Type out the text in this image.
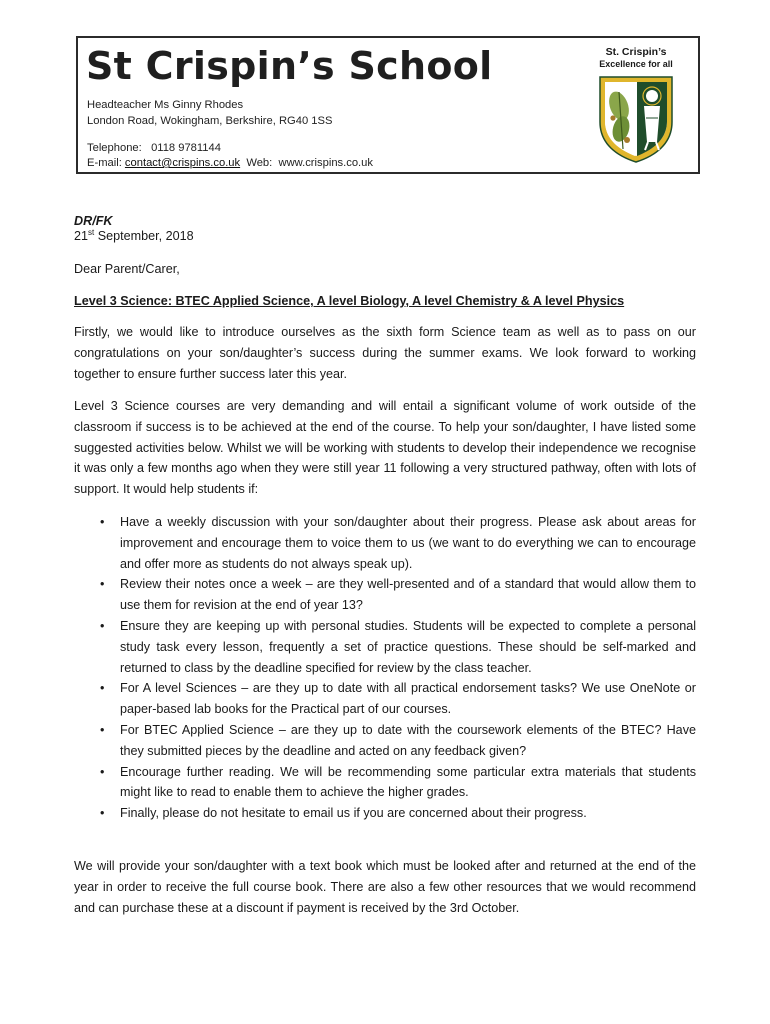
St Crispin’s School
Headteacher Ms Ginny Rhodes
London Road, Wokingham, Berkshire, RG40 1SS
Telephone: 0118 9781144
E-mail: contact@crispins.co.uk Web: www.crispins.co.uk
St. Crispin’s
Excellence for all
DR/FK
21st September, 2018
Dear Parent/Carer,
Level 3 Science: BTEC Applied Science, A level Biology, A level Chemistry & A level Physics
Firstly, we would like to introduce ourselves as the sixth form Science team as well as to pass on our congratulations on your son/daughter’s success during the summer exams. We look forward to working together to ensure further success later this year.
Level 3 Science courses are very demanding and will entail a significant volume of work outside of the classroom if success is to be achieved at the end of the course. To help your son/daughter, I have listed some suggested activities below. Whilst we will be working with students to develop their independence we recognise it was only a few months ago when they were still year 11 following a very structured pathway, often with lots of support. It would help students if:
• Have a weekly discussion with your son/daughter about their progress. Please ask about areas for improvement and encourage them to voice them to us (we want to do everything we can to encourage and offer more as students do not always speak up).
• Review their notes once a week – are they well-presented and of a standard that would allow them to use them for revision at the end of year 13?
• Ensure they are keeping up with personal studies. Students will be expected to complete a personal study task every lesson, frequently a set of practice questions. These should be self-marked and returned to class by the deadline specified for review by the class teacher.
• For A level Sciences – are they up to date with all practical endorsement tasks? We use OneNote or paper-based lab books for the Practical part of our courses.
• For BTEC Applied Science – are they up to date with the coursework elements of the BTEC? Have they submitted pieces by the deadline and acted on any feedback given?
• Encourage further reading. We will be recommending some particular extra materials that students might like to read to enable them to achieve the higher grades.
• Finally, please do not hesitate to email us if you are concerned about their progress.
We will provide your son/daughter with a text book which must be looked after and returned at the end of the year in order to receive the full course book. There are also a few other resources that we would recommend and can purchase these at a discount if payment is received by the 3rd October.
